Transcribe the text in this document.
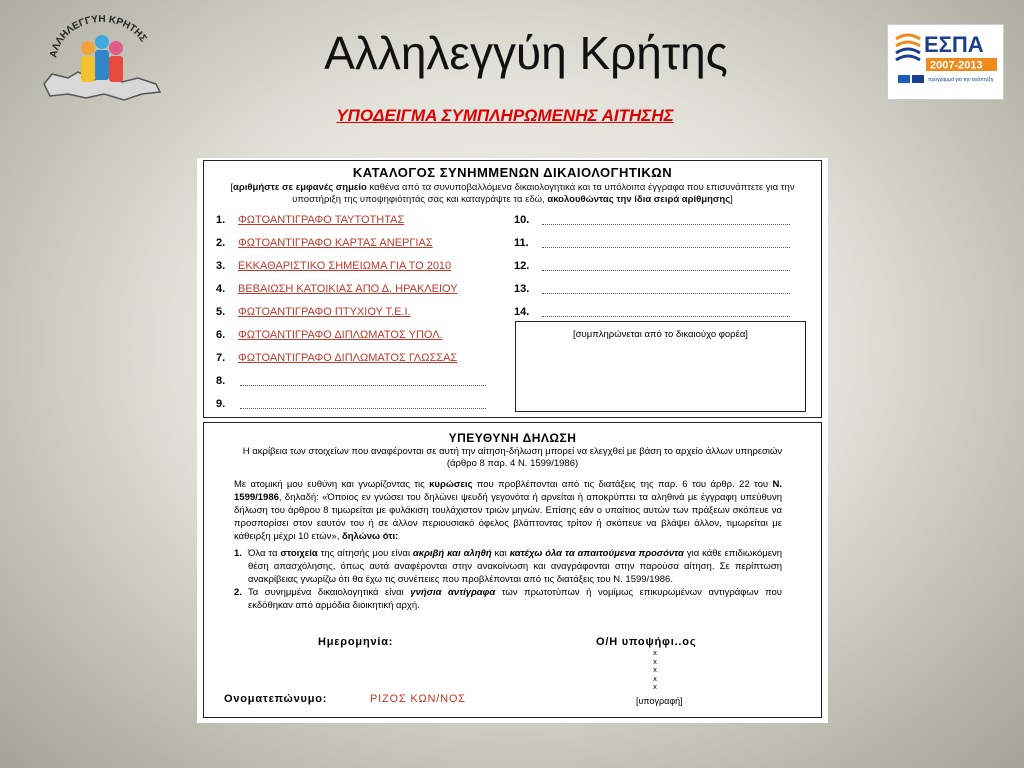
ΑΛΛΗΛΕΓΓΥΗ ΚΡΗΤΗΣ	Αλληλεγγύη Κρήτης	ΕΣΠΑ
2007-2013
πρόγραμμα για την ανάπτυξη
ΥΠΟΔΕΙΓΜΑ ΣΥΜΠΛΗΡΩΜΕΝΗΣ ΑΙΤΗΣΗΣ
ΚΑΤΑΛΟΓΟΣ ΣΥΝΗΜΜΕΝΩΝ ΔΙΚΑΙΟΛΟΓΗΤΙΚΩΝ
[αριθμήστε σε εμφανές σημείο καθένα από τα συνυποβαλλόμενα δικαιολογητικά και τα υπόλοιπα έγγραφα που επισυνάπτετε για την υποστήριξη της υποψηφιότητάς σας και καταγράψτε τα εδώ, ακολουθώντας την ίδια σειρά αρίθμησης]
1. ΦΩΤΟΑΝΤΙΓΡΑΦΟ ΤΑΥΤΟΤΗΤΑΣ
2. ΦΩΤΟΑΝΤΙΓΡΑΦΟ ΚΑΡΤΑΣ ΑΝΕΡΓΙΑΣ
3. ΕΚΚΑΘΑΡΙΣΤΙΚΟ ΣΗΜΕΙΩΜΑ ΓΙΑ ΤΟ 2010
4. ΒΕΒΑΙΩΣΗ ΚΑΤΟΙΚΙΑΣ ΑΠΟ Δ. ΗΡΑΚΛΕΙΟΥ
5. ΦΩΤΟΑΝΤΙΓΡΑΦΟ ΠΤΥΧΙΟΥ Τ.Ε.Ι.
6. ΦΩΤΟΑΝΤΙΓΡΑΦΟ ΔΙΠΛΩΜΑΤΟΣ ΥΠΟΛ.
7. ΦΩΤΟΑΝΤΙΓΡΑΦΟ ΔΙΠΛΩΜΑΤΟΣ ΓΛΩΣΣΑΣ
8.
9.
10.
11.
12.
13.
14.
[συμπληρώνεται από το δικαιούχο φορέα]
ΥΠΕΥΘΥΝΗ ΔΗΛΩΣΗ
Η ακρίβεια των στοιχείων που αναφέρονται σε αυτή την αίτηση-δήλωση μπορεί να ελεγχθεί με βάση το αρχείο άλλων υπηρεσιών
(άρθρο 8 παρ. 4 Ν. 1599/1986)
Με ατομική μου ευθύνη και γνωρίζοντας τις κυρώσεις που προβλέπονται από τις διατάξεις της παρ. 6 του άρθρ. 22 του Ν. 1599/1986, δηλαδή: «Όποιος εν γνώσει του δηλώνει ψευδή γεγονότα ή αρνείται ή αποκρύπτει τα αληθινά με έγγραφη υπεύθυνη δήλωση του άρθρου 8 τιμωρείται με φυλάκιση τουλάχιστον τριών μηνών. Επίσης εάν ο υπαίτιος αυτών των πράξεων σκόπευε να προσπορίσει στον εαυτόν του ή σε άλλον περιουσιακό όφελος βλάπτοντας τρίτον ή σκόπευε να βλάψει άλλον, τιμωρείται με κάθειρξη μέχρι 10 ετών», δηλώνω ότι:
1. Όλα τα στοιχεία της αίτησής μου είναι ακριβή και αληθή και κατέχω όλα τα απαιτούμενα προσόντα για κάθε επιδιωκόμενη θέση απασχόλησης, όπως αυτά αναφέρονται στην ανακοίνωση και αναγράφονται στην παρούσα αίτηση. Σε περίπτωση ανακρίβειας γνωρίζω ότι θα έχω τις συνέπειες που προβλέπονται από τις διατάξεις του Ν. 1599/1986.
2. Τα συνημμένα δικαιολογητικά είναι γνήσια αντίγραφα των πρωτοτύπων ή νομίμως επικυρωμένων αντιγράφων που εκδόθηκαν από αρμόδια διοικητική αρχή.
Ημερομηνία:	Ο/Η υποψήφι..ος
x
x
x
x
x
[υπογραφή]
Ονοματεπώνυμο:	ΡΙΖΟΣ ΚΩΝ/ΝΟΣ
